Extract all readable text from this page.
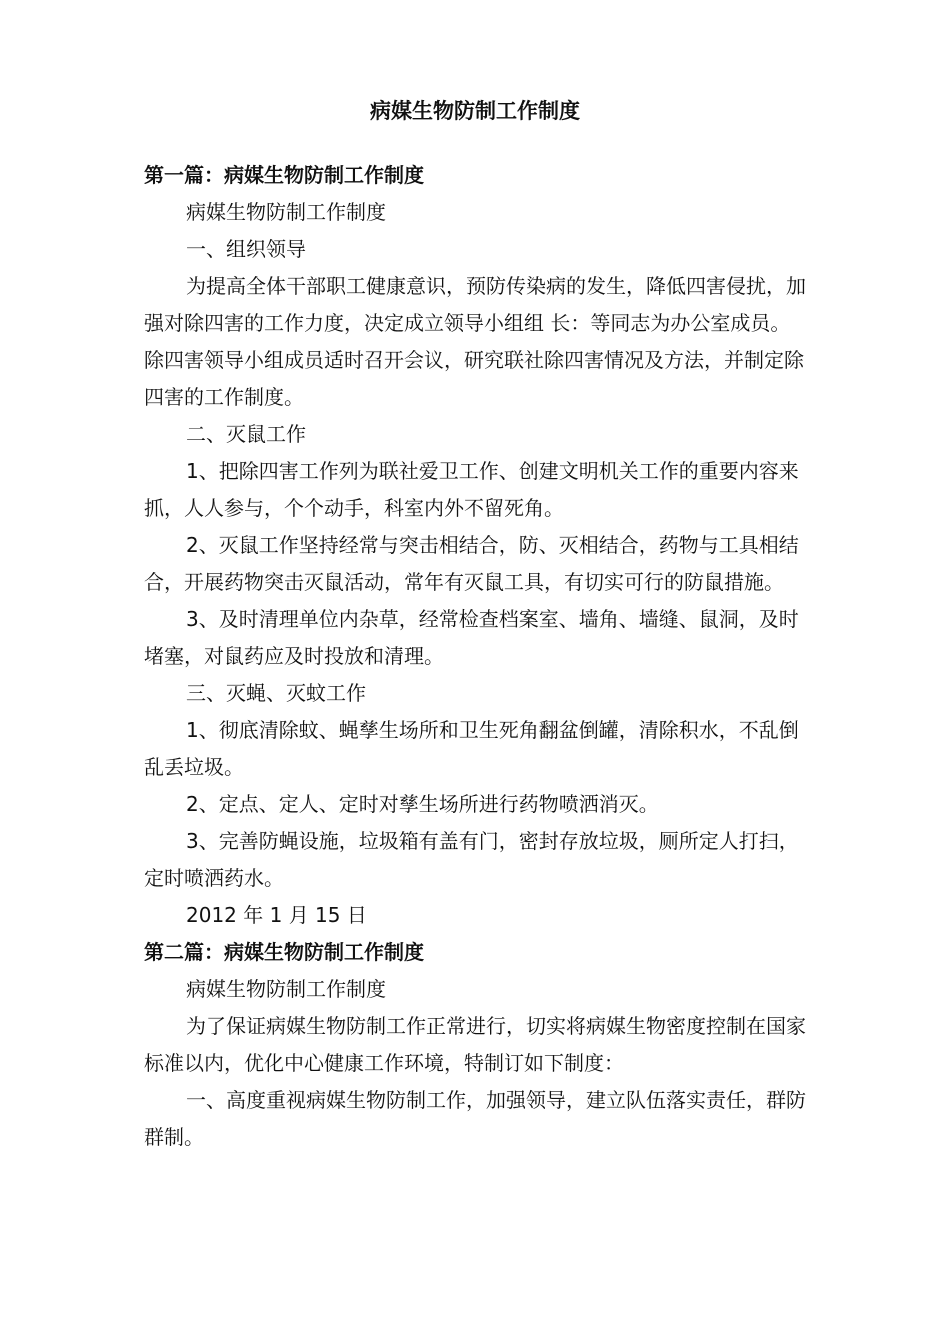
病媒生物防制工作制度

第一篇：病媒生物防制工作制度

病媒生物防制工作制度

一、组织领导

为提高全体干部职工健康意识，预防传染病的发生，降低四害侵扰，加强对除四害的工作力度，决定成立领导小组组 长：等同志为办公室成员。除四害领导小组成员适时召开会议，研究联社除四害情况及方法，并制定除四害的工作制度。

二、灭鼠工作

1、把除四害工作列为联社爱卫工作、创建文明机关工作的重要内容来抓，人人参与，个个动手，科室内外不留死角。

2、灭鼠工作坚持经常与突击相结合，防、灭相结合，药物与工具相结合，开展药物突击灭鼠活动，常年有灭鼠工具，有切实可行的防鼠措施。

3、及时清理单位内杂草，经常检查档案室、墙角、墙缝、鼠洞，及时堵塞，对鼠药应及时投放和清理。

三、灭蝇、灭蚊工作

1、彻底清除蚊、蝇孳生场所和卫生死角翻盆倒罐，清除积水，不乱倒乱丢垃圾。

2、定点、定人、定时对孳生场所进行药物喷洒消灭。

3、完善防蝇设施，垃圾箱有盖有门，密封存放垃圾，厕所定人打扫，定时喷洒药水。

2012 年 1 月 15 日

第二篇：病媒生物防制工作制度

病媒生物防制工作制度

为了保证病媒生物防制工作正常进行，切实将病媒生物密度控制在国家标准以内，优化中心健康工作环境，特制订如下制度：

一、高度重视病媒生物防制工作，加强领导，建立队伍落实责任，群防群制。
